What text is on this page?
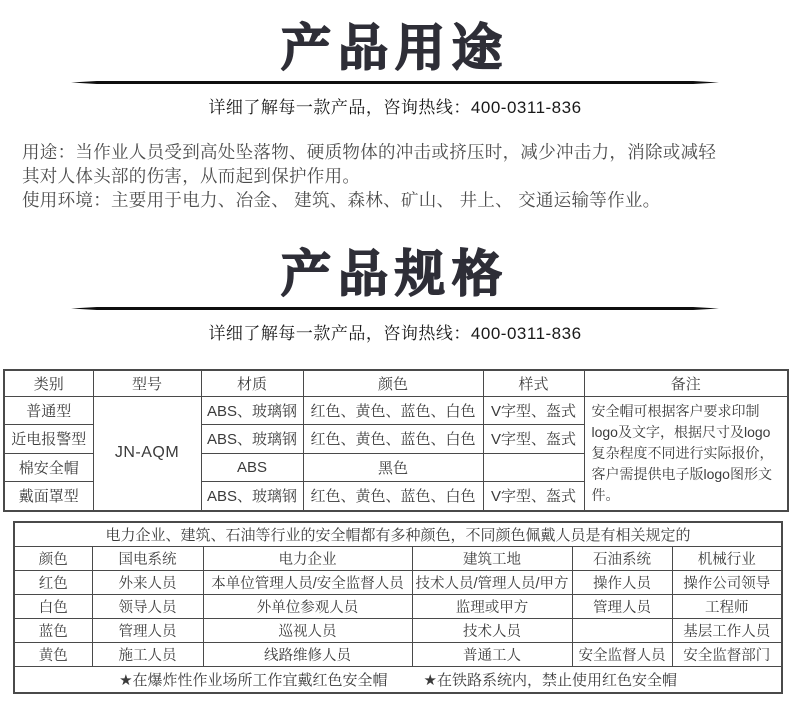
产品用途
详细了解每一款产品，咨询热线：400-0311-836
用途：当作业人员受到高处坠落物、硬质物体的冲击或挤压时，减少冲击力，消除或减轻
其对人体头部的伤害，从而起到保护作用。
使用环境：主要用于电力、冶金、 建筑、森林、矿山、 井上、 交通运输等作业。
产品规格
详细了解每一款产品，咨询热线：400-0311-836
类别	型号	材质	颜色	样式	备注
普通型	JN-AQM	ABS、玻璃钢	红色、黄色、蓝色、白色	V字型、盔式	安全帽可根据客户要求印制logo及文字，根据尺寸及logo复杂程度不同进行实际报价，客户需提供电子版logo图形文件。
近电报警型		ABS、玻璃钢	红色、黄色、蓝色、白色	V字型、盔式	
棉安全帽		ABS	黑色		
戴面罩型		ABS、玻璃钢	红色、黄色、蓝色、白色	V字型、盔式	
电力企业、建筑、石油等行业的安全帽都有多种颜色，不同颜色佩戴人员是有相关规定的					
颜色	国电系统	电力企业	建筑工地	石油系统	机械行业
红色	外来人员	本单位管理人员/安全监督人员	技术人员/管理人员/甲方	操作人员	操作公司领导
白色	领导人员	外单位参观人员	监理或甲方	管理人员	工程师
蓝色	管理人员	巡视人员	技术人员		基层工作人员
黄色	施工人员	线路维修人员	普通工人	安全监督人员	安全监督部门
★在爆炸性作业场所工作宜戴红色安全帽 ★在铁路系统内，禁止使用红色安全帽					
